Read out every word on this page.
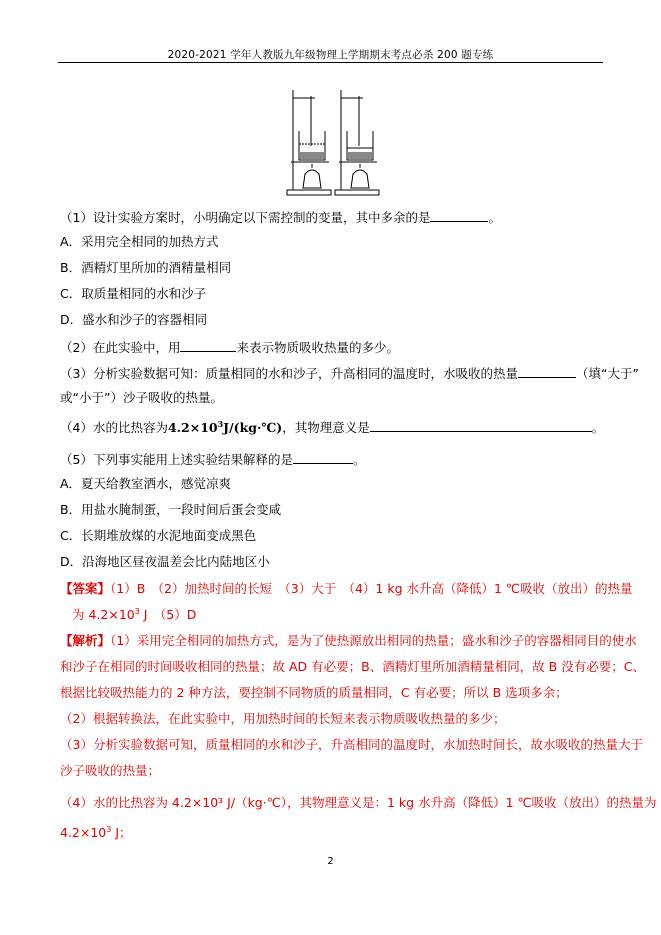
2020-2021 学年人教版九年级物理上学期期末考点必杀 200 题专练
（1）设计实验方案时，小明确定以下需控制的变量，其中多余的是	。
A．采用完全相同的加热方式
B．酒精灯里所加的酒精量相同
C．取质量相同的水和沙子
D．盛水和沙子的容器相同
（2）在此实验中，用	来表示物质吸收热量的多少。
（3）分析实验数据可知：质量相同的水和沙子，升高相同的温度时，水吸收的热量	（填“大于”
或“小于”）沙子吸收的热量。
（4）水的比热容为$4.2\times 10^3J/(kg\cdot℃)$，其物理意义是	。
（5）下列事实能用上述实验结果解释的是	。
A．夏天给教室洒水，感觉凉爽
B．用盐水腌制蛋，一段时间后蛋会变咸
C．长期堆放煤的水泥地面变成黑色
D．沿海地区昼夜温差会比内陆地区小
【答案】（1）B　（2）加热时间的长短　（3）大于　（4）1 kg 水升高（降低）1 ℃吸收（放出）的热量
为 $4.2\times 10^3$ J　（5）D
【解析】（1）采用完全相同的加热方式，是为了使热源放出相同的热量；盛水和沙子的容器相同目的使水
和沙子在相同的时间吸收相同的热量；故 AD 有必要；B、酒精灯里所加酒精量相同，故 B 没有必要；C、
根据比较吸热能力的 2 种方法，要控制不同物质的质量相同，C 有必要；所以 B 选项多余；
（2）根据转换法，在此实验中，用加热时间的长短来表示物质吸收热量的多少；
（3）分析实验数据可知，质量相同的水和沙子，升高相同的温度时，水加热时间长，故水吸收的热量大于
沙子吸收的热量；
（4）水的比热容为 4.2×10³ J/（kg·℃），其物理意义是：1 kg 水升高（降低）1 ℃吸收（放出）的热量为
$4.2\times 10^3$ J；
2
